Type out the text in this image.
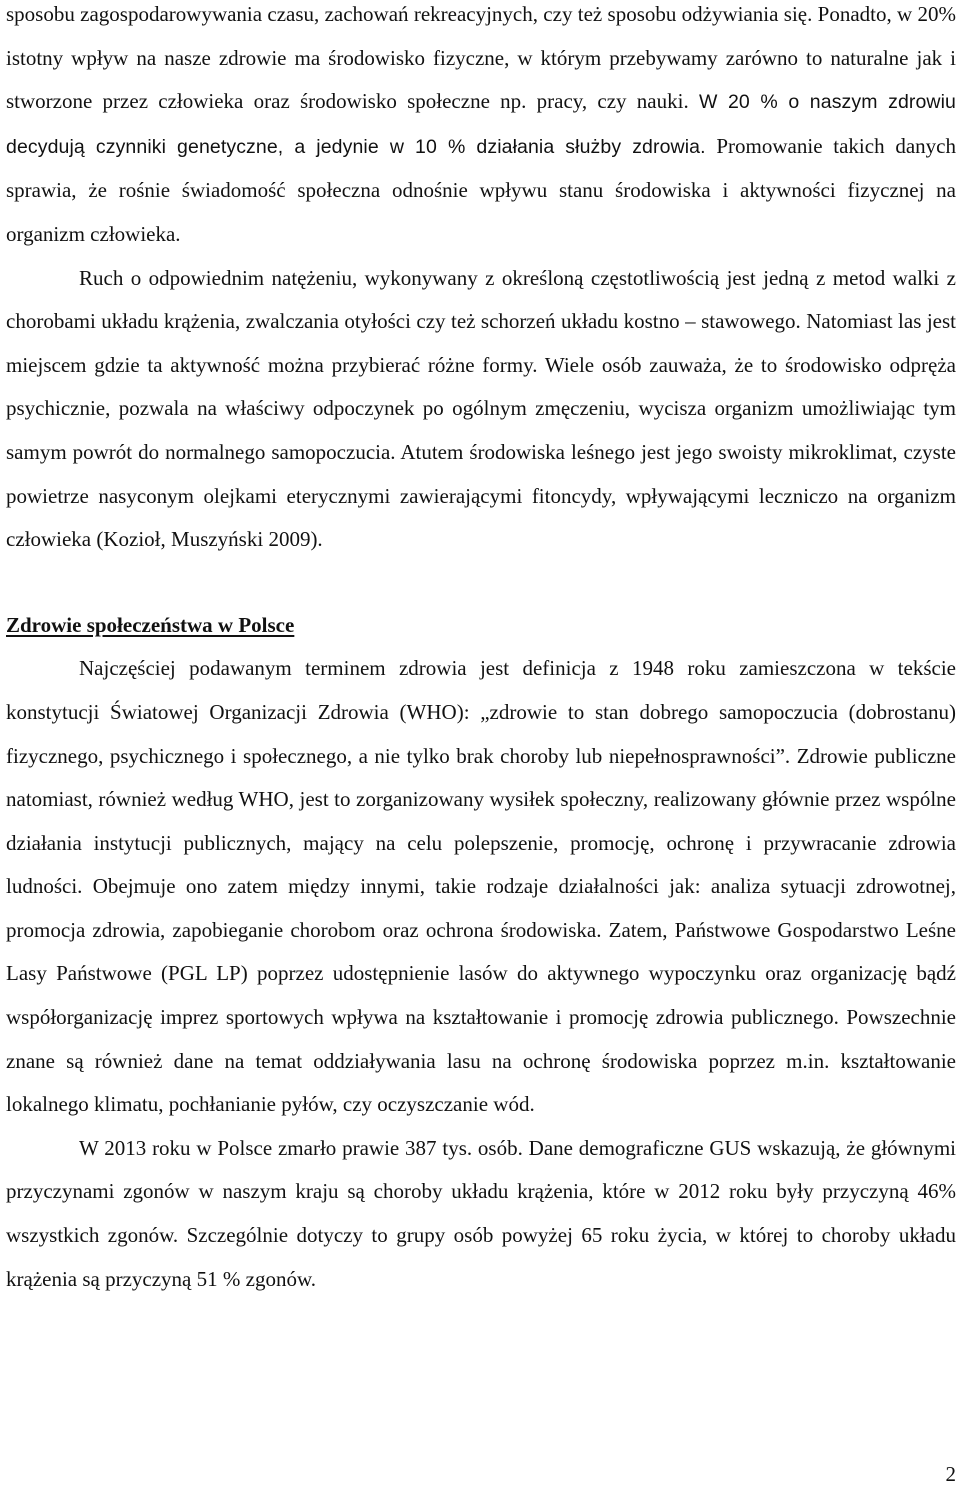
sposobu zagospodarowywania czasu, zachowań rekreacyjnych, czy też sposobu odżywiania się. Ponadto, w 20% istotny wpływ na nasze zdrowie ma środowisko fizyczne, w którym przebywamy zarówno to naturalne jak i stworzone przez człowieka oraz środowisko społeczne np. pracy, czy nauki. W 20 % o naszym zdrowiu decydują czynniki genetyczne, a jedynie w 10 % działania służby zdrowia. Promowanie takich danych sprawia, że rośnie świadomość społeczna odnośnie wpływu stanu środowiska i aktywności fizycznej na organizm człowieka.

Ruch o odpowiednim natężeniu, wykonywany z określoną częstotliwością jest jedną z metod walki z chorobami układu krążenia, zwalczania otyłości czy też schorzeń układu kostno – stawowego. Natomiast las jest miejscem gdzie ta aktywność można przybierać różne formy. Wiele osób zauważa, że to środowisko odpręża psychicznie, pozwala na właściwy odpoczynek po ogólnym zmęczeniu, wycisza organizm umożliwiając tym samym powrót do normalnego samopoczucia. Atutem środowiska leśnego jest jego swoisty mikroklimat, czyste powietrze nasyconym olejkami eterycznymi zawierającymi fitoncydy, wpływającymi leczniczo na organizm człowieka (Kozioł, Muszyński 2009).

Zdrowie społeczeństwa w Polsce

Najczęściej podawanym terminem zdrowia jest definicja z 1948 roku zamieszczona w tekście konstytucji Światowej Organizacji Zdrowia (WHO): „zdrowie to stan dobrego samopoczucia (dobrostanu) fizycznego, psychicznego i społecznego, a nie tylko brak choroby lub niepełnosprawności”. Zdrowie publiczne natomiast, również według WHO, jest to zorganizowany wysiłek społeczny, realizowany głównie przez wspólne działania instytucji publicznych, mający na celu polepszenie, promocję, ochronę i przywracanie zdrowia ludności. Obejmuje ono zatem między innymi, takie rodzaje działalności jak: analiza sytuacji zdrowotnej, promocja zdrowia, zapobieganie chorobom oraz ochrona środowiska. Zatem, Państwowe Gospodarstwo Leśne Lasy Państwowe (PGL LP) poprzez udostępnienie lasów do aktywnego wypoczynku oraz organizację bądź współorganizację imprez sportowych wpływa na kształtowanie i promocję zdrowia publicznego. Powszechnie znane są również dane na temat oddziaływania lasu na ochronę środowiska poprzez m.in. kształtowanie lokalnego klimatu, pochłanianie pyłów, czy oczyszczanie wód.

W 2013 roku w Polsce zmarło prawie 387 tys. osób. Dane demograficzne GUS wskazują, że głównymi przyczynami zgonów w naszym kraju są choroby układu krążenia, które w 2012 roku były przyczyną 46% wszystkich zgonów. Szczególnie dotyczy to grupy osób powyżej 65 roku życia, w której to choroby układu krążenia są przyczyną 51 % zgonów.

2
